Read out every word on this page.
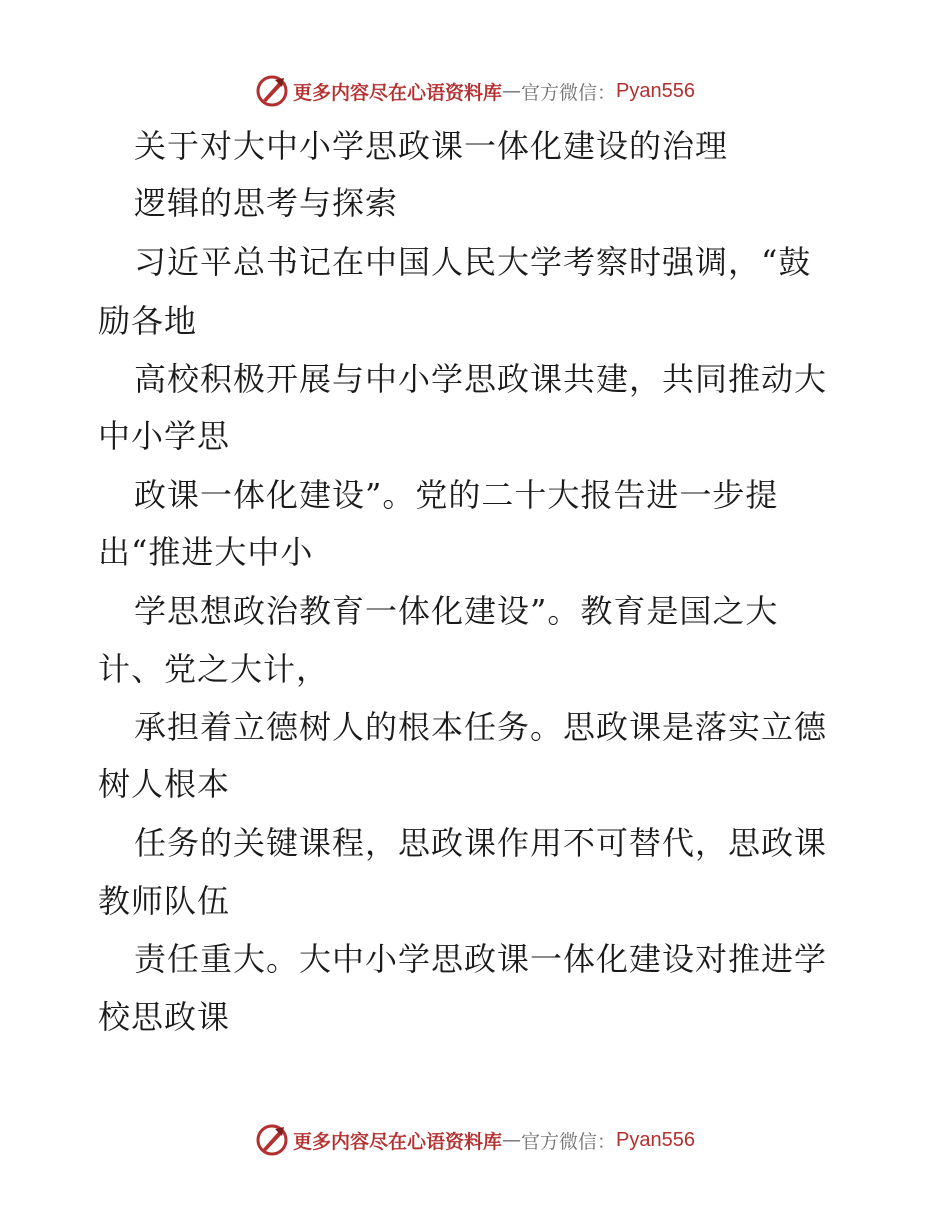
更多内容尽在心语资料库 — 官方微信： Pyan556
关于对大中小学思政课一体化建设的治理
逻辑的思考与探索
习近平总书记在中国人民大学考察时强调，“鼓
励各地
高校积极开展与中小学思政课共建，共同推动大
中小学思
政课一体化建设”。党的二十大报告进一步提
出“推进大中小
学思想政治教育一体化建设”。教育是国之大
计、党之大计，
承担着立德树人的根本任务。思政课是落实立德
树人根本
任务的关键课程，思政课作用不可替代，思政课
教师队伍
责任重大。大中小学思政课一体化建设对推进学
校思政课
更多内容尽在心语资料库 — 官方微信： Pyan556
